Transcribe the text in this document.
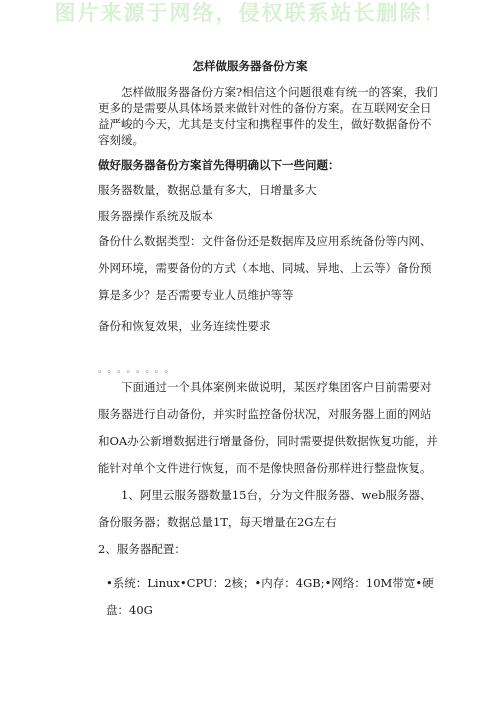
图片来源于网络，侵权联系站长删除！
怎样做服务器备份方案

怎样做服务器备份方案?相信这个问题很难有统一的答案，我们更多的是需要从具体场景来做针对性的备份方案。在互联网安全日益严峻的今天，尤其是支付宝和携程事件的发生，做好数据备份不容刻缓。

做好服务器备份方案首先得明确以下一些问题：

服务器数量，数据总量有多大，日增量多大

服务器操作系统及版本

备份什么数据类型：文件备份还是数据库及应用系统备份等内网、外网环境，需要备份的方式（本地、同城、异地、上云等）备份预算是多少？是否需要专业人员维护等等

备份和恢复效果，业务连续性要求

。。。。。。。。

下面通过一个具体案例来做说明，某医疗集团客户目前需要对服务器进行自动备份，并实时监控备份状况，对服务器上面的网站和OA办公新增数据进行增量备份，同时需要提供数据恢复功能，并能针对单个文件进行恢复，而不是像快照备份那样进行整盘恢复。

1、阿里云服务器数量15台，分为文件服务器、web服务器、备份服务器；数据总量1T，每天增量在2G左右

2、服务器配置：

•系统：Linux•CPU：2核；•内存：4GB;•网络：10M带宽•硬盘：40G
